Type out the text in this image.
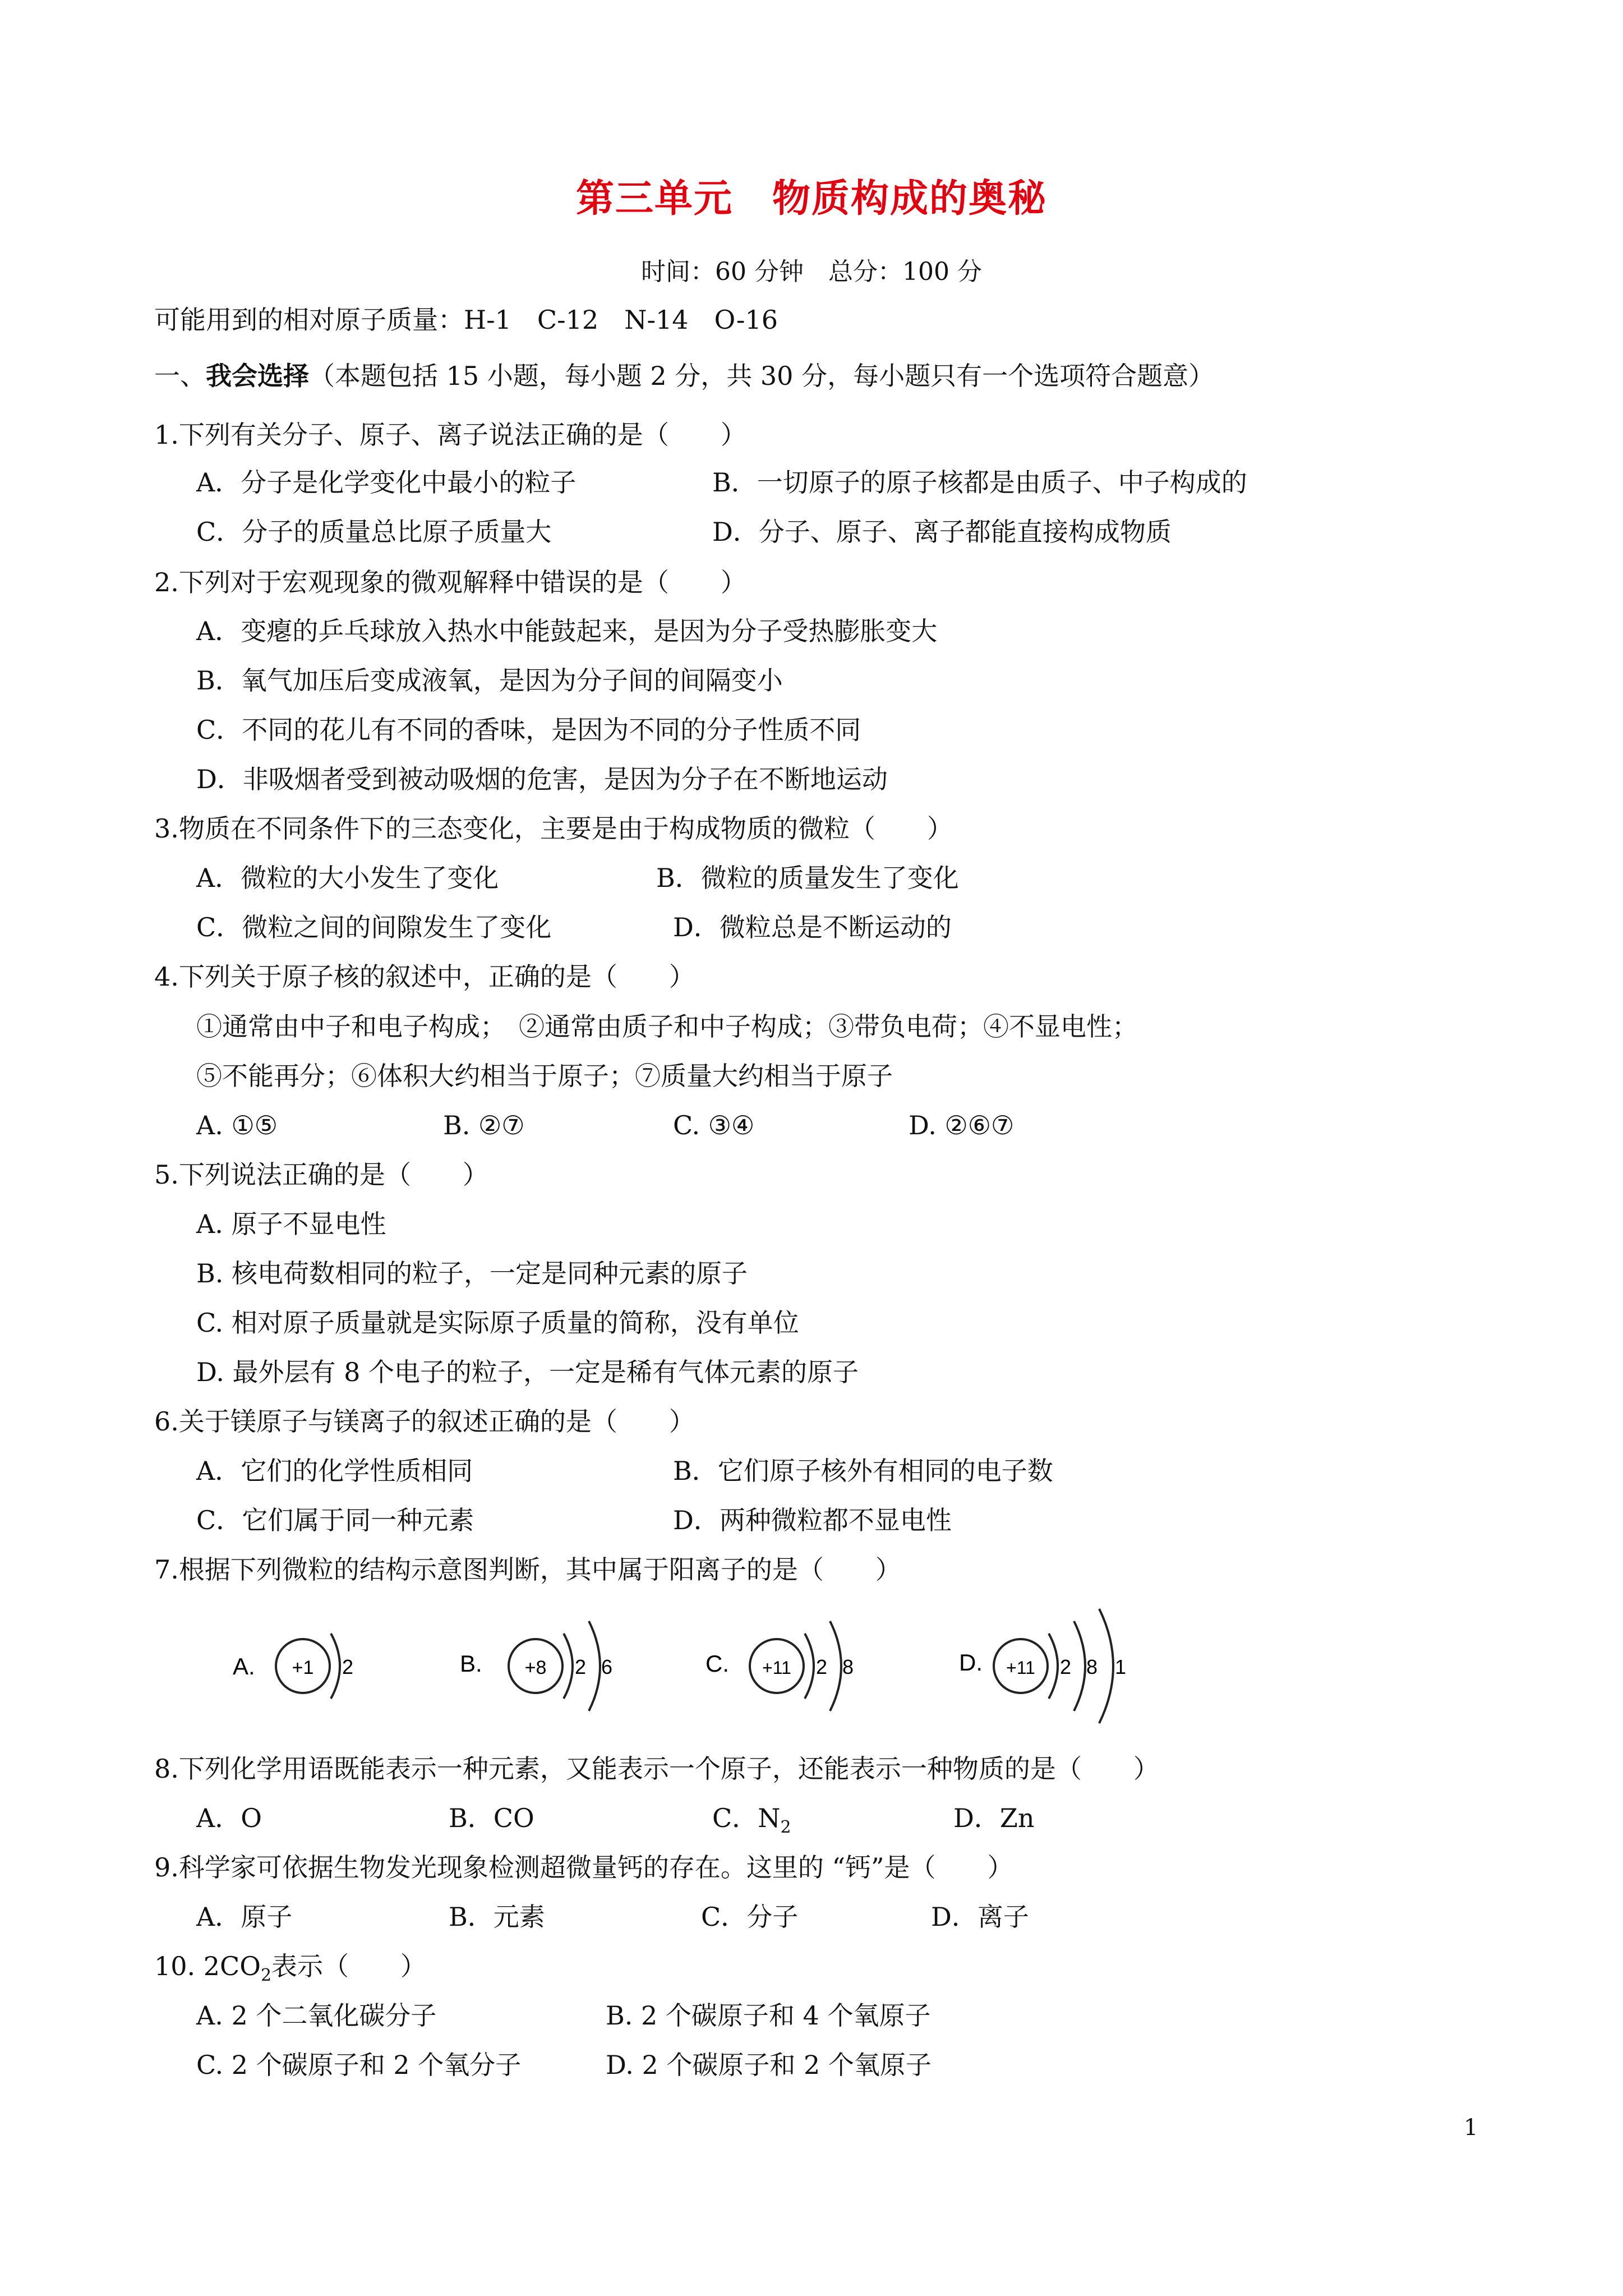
第三单元　物质构成的奥秘
时间：60 分钟　总分：100 分
可能用到的相对原子质量：H-1　C-12　N-14　O-16
一、我会选择（本题包括 15 小题，每小题 2 分，共 30 分，每小题只有一个选项符合题意）
1.下列有关分子、原子、离子说法正确的是（　　）
A．分子是化学变化中最小的粒子	B．一切原子的原子核都是由质子、中子构成的
C．分子的质量总比原子质量大	D．分子、原子、离子都能直接构成物质
2.下列对于宏观现象的微观解释中错误的是（　　）
A．变瘪的乒乓球放入热水中能鼓起来，是因为分子受热膨胀变大
B．氧气加压后变成液氧，是因为分子间的间隔变小
C．不同的花儿有不同的香味，是因为不同的分子性质不同
D．非吸烟者受到被动吸烟的危害，是因为分子在不断地运动
3.物质在不同条件下的三态变化，主要是由于构成物质的微粒（　　）
A．微粒的大小发生了变化	B．微粒的质量发生了变化
C．微粒之间的间隙发生了变化	D．微粒总是不断运动的
4.下列关于原子核的叙述中，正确的是（　　）
①通常由中子和电子构成；　②通常由质子和中子构成；③带负电荷；④不显电性；
⑤不能再分；⑥体积大约相当于原子；⑦质量大约相当于原子
A. ①⑤	B. ②⑦	C. ③④	D. ②⑥⑦
5.下列说法正确的是（　　）
A. 原子不显电性
B. 核电荷数相同的粒子，一定是同种元素的原子
C. 相对原子质量就是实际原子质量的简称，没有单位
D. 最外层有 8 个电子的粒子，一定是稀有气体元素的原子
6.关于镁原子与镁离子的叙述正确的是（　　）
A．它们的化学性质相同	B．它们原子核外有相同的电子数
C．它们属于同一种元素	D．两种微粒都不显电性
7.根据下列微粒的结构示意图判断，其中属于阳离子的是（　　）
A. +1 2	B. +8 2 6	C. +11 2 8	D. +11 2 8 1
8.下列化学用语既能表示一种元素，又能表示一个原子，还能表示一种物质的是（　　）
A．O	B．CO	C．$N_2$	D．Zn
9.科学家可依据生物发光现象检测超微量钙的存在。这里的 “钙”是（　　）
A．原子	B．元素	C．分子	D．离子
10. $2CO_2$表示（　　）
A. 2 个二氧化碳分子	B. 2 个碳原子和 4 个氧原子
C. 2 个碳原子和 2 个氧分子	D. 2 个碳原子和 2 个氧原子
1
